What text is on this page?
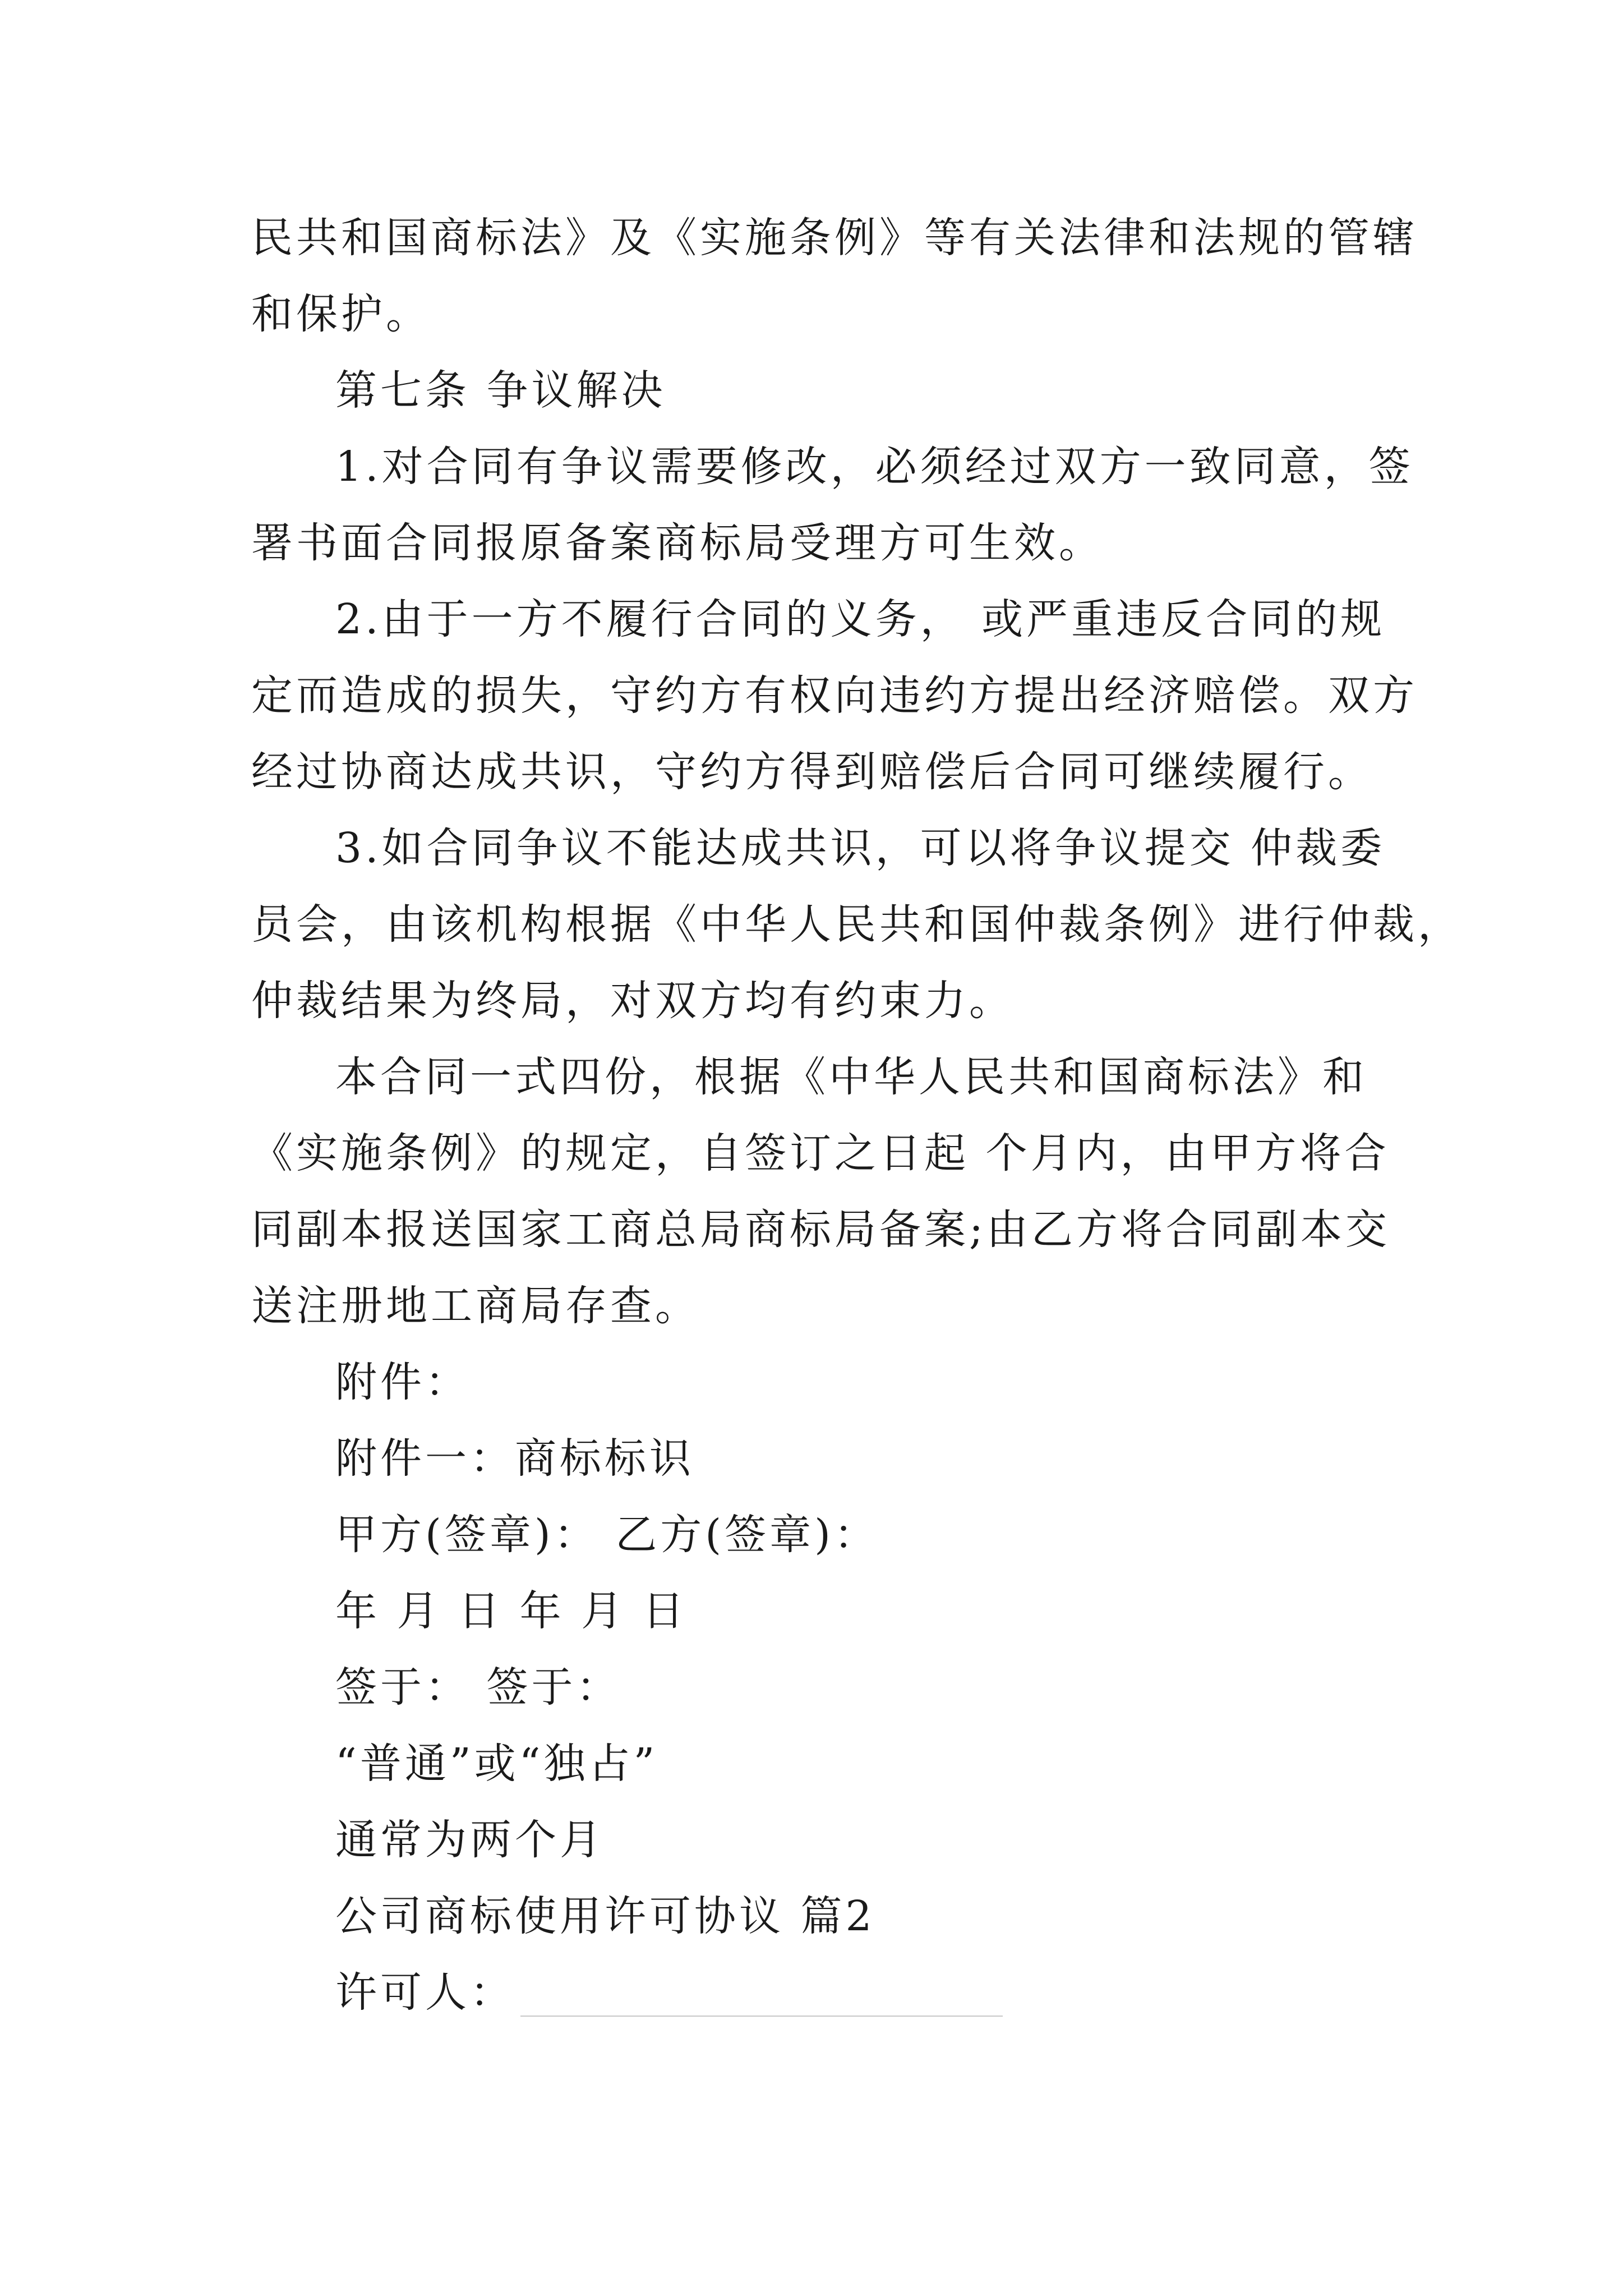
民共和国商标法》及《实施条例》等有关法律和法规的管辖
和保护。
第七条 争议解决
1.对合同有争议需要修改，必须经过双方一致同意，签
署书面合同报原备案商标局受理方可生效。
2.由于一方不履行合同的义务， 或严重违反合同的规
定而造成的损失，守约方有权向违约方提出经济赔偿。双方
经过协商达成共识，守约方得到赔偿后合同可继续履行。
3.如合同争议不能达成共识，可以将争议提交 仲裁委
员会，由该机构根据《中华人民共和国仲裁条例》进行仲裁，
仲裁结果为终局，对双方均有约束力。
本合同一式四份，根据《中华人民共和国商标法》和
《实施条例》的规定，自签订之日起 个月内，由甲方将合
同副本报送国家工商总局商标局备案;由乙方将合同副本交
送注册地工商局存查。
附件：
附件一：商标标识
甲方(签章)： 乙方(签章)：
年 月 日 年 月 日
签于： 签于：
“普通”或“独占”
通常为两个月
公司商标使用许可协议 篇2
许可人：
